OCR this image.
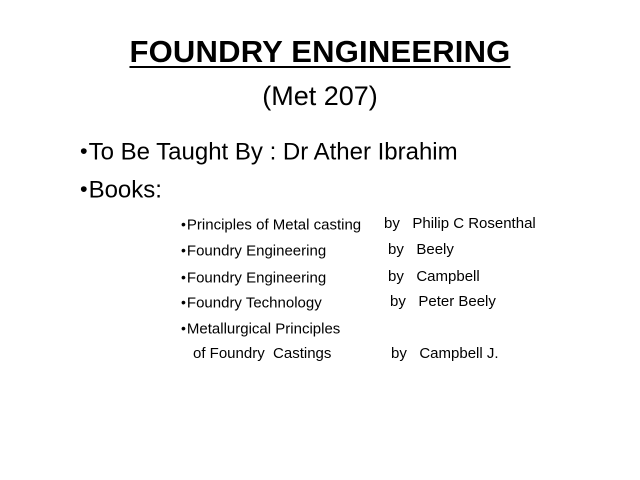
FOUNDRY ENGINEERING
(Met 207)
•To Be Taught By : Dr Ather Ibrahim
•Books:
•Principles of Metal casting by   Philip C Rosenthal
•Foundry Engineering	by   Beely
•Foundry Engineering	by   Campbell
•Foundry Technology	by   Peter Beely
•Metallurgical Principles
of Foundry  Castings	by   Campbell J.
